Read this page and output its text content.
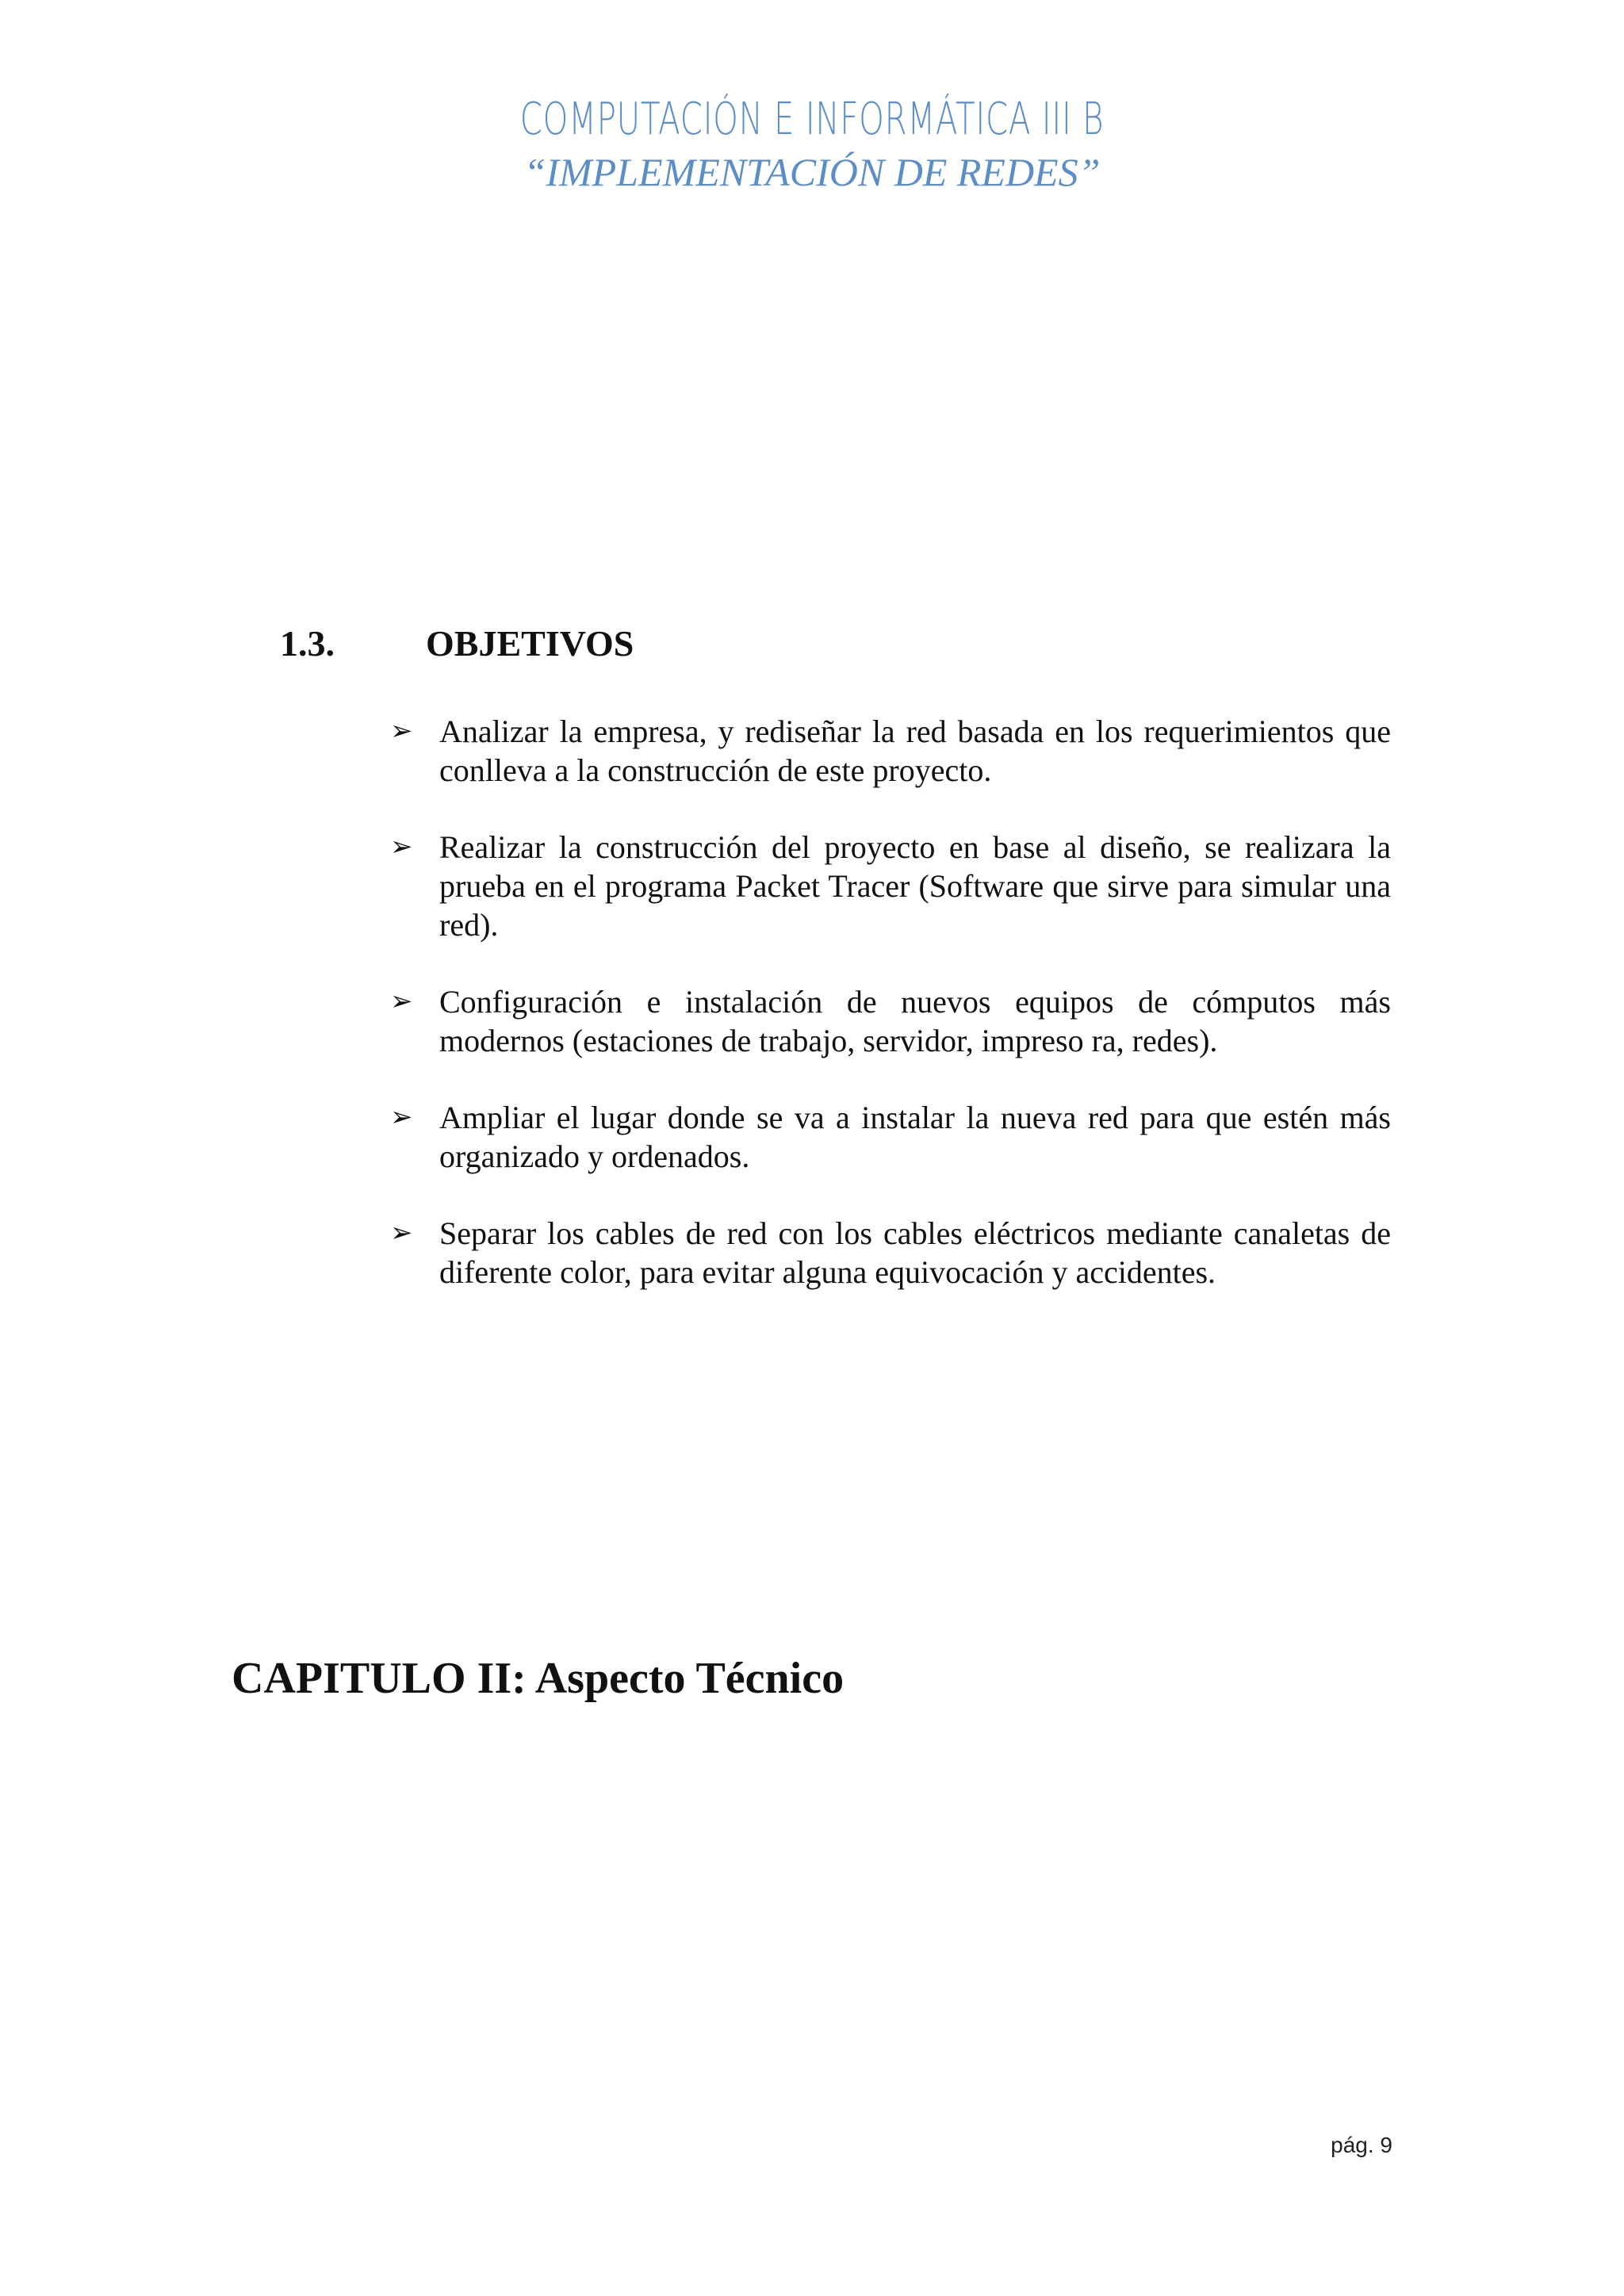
COMPUTACIÓN E INFORMÁTICA III B
“IMPLEMENTACIÓN DE REDES”
1.3.	OBJETIVOS
➢ Analizar la empresa, y rediseñar la red basada en los requerimientos que conlleva a la construcción de este proyecto.
➢ Realizar la construcción del proyecto en base al diseño, se realizara la prueba en el programa Packet Tracer (Software que sirve para simular una red).
➢ Configuración e instalación de nuevos equipos de cómputos más modernos (estaciones de trabajo, servidor, impreso ra, redes).
➢ Ampliar el lugar donde se va a instalar la nueva red para que estén más organizado y ordenados.
➢ Separar los cables de red con los cables eléctricos mediante canaletas de diferente color, para evitar alguna equivocación y accidentes.
CAPITULO II: Aspecto Técnico
pág. 9
